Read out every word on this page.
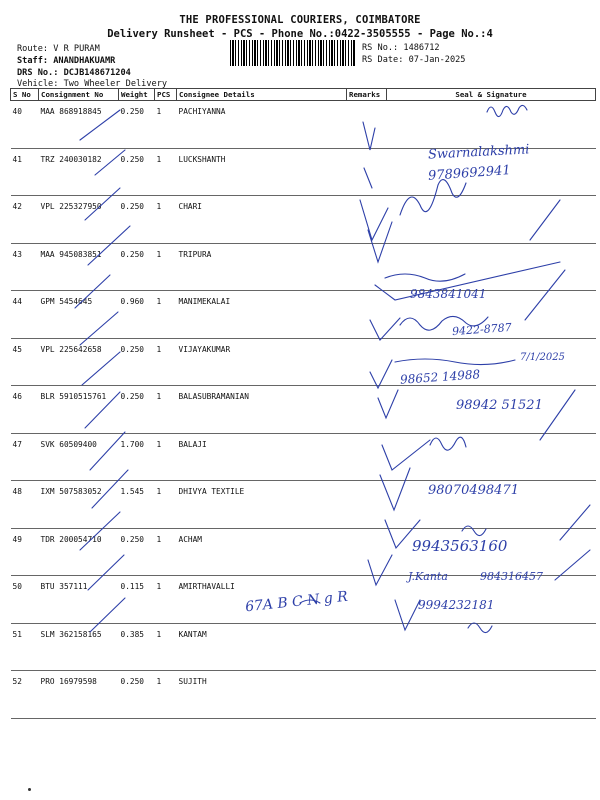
THE PROFESSIONAL COURIERS, COIMBATORE
Delivery Runsheet - PCS - Phone No.:0422-3505555 - Page No.:4
Route: V R PURAM
Staff: ANANDHAKUAMR
DRS No.: DCJB148671204
Vehicle: Two Wheeler Delivery
RS No.: 1486712
RS Date: 07-Jan-2025
S No	Consignment No	Weight	PCS	Consignee Details	Remarks	Seal & Signature
40	MAA 868918845	0.250	1	PACHIYANNA		
41	TRZ 240030182	0.250	1	LUCKSHANTH		
42	VPL 225327950	0.250	1	CHARI		
43	MAA 945083851	0.250	1	TRIPURA		
44	GPM 5454645	0.960	1	MANIMEKALAI		
45	VPL 225642658	0.250	1	VIJAYAKUMAR		
46	BLR 5910515761	0.250	1	BALASUBRAMANIAN		
47	SVK 60509400	1.700	1	BALAJI		
48	IXM 507583052	1.545	1	DHIVYA TEXTILE		
49	TDR 200054710	0.250	1	ACHAM		
50	BTU 357111	0.115	1	AMIRTHAVALLI		
51	SLM 362158165	0.385	1	KANTAM		
52	PRO 16979598	0.250	1	SUJITH		
Swarnalakshmi
9789692941
9843841041
9422-8787
7/1/2025
98652 14988
98942 51521
98070498471
9943563160
J.Kanta	984316457
67A B C N g R	9994232181
